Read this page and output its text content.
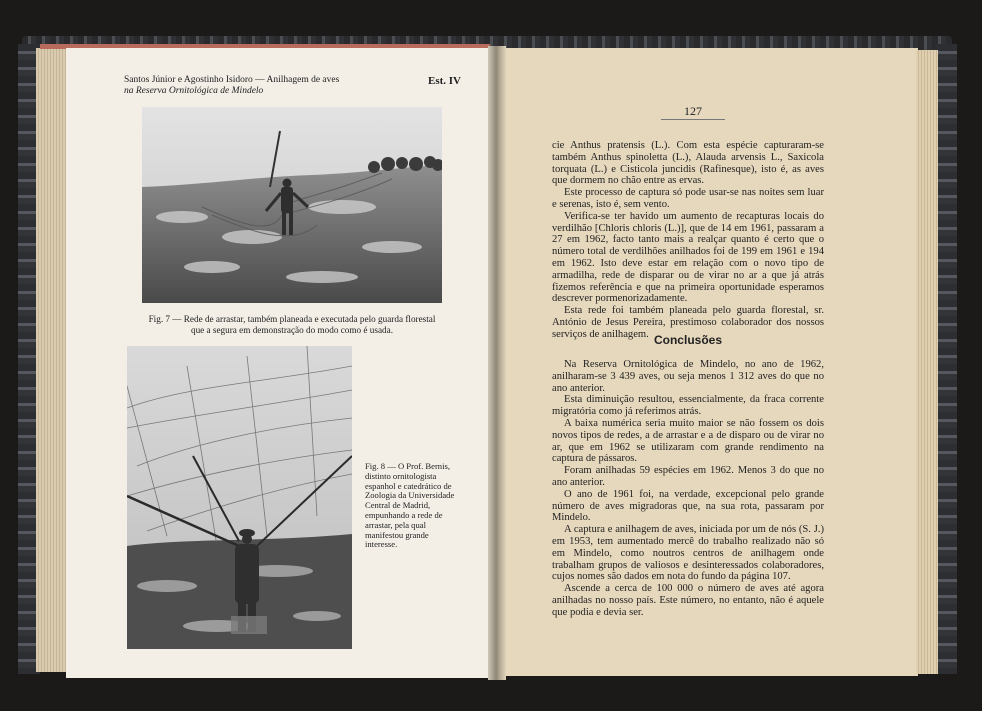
Santos Júnior e Agostinho Isidoro — Anilhagem de aves
na Reserva Ornitológica de Mindelo
Est. IV
Fig. 7 — Rede de arrastar, também planeada e executada pelo guarda florestal
que a segura em demonstração do modo como é usada.
Fig. 8 — O Prof. Bernis, distinto ornitologista espanhol e catedrático de Zoologia da Universidade Central de Madrid, empunhando a rede de arrastar, pela qual manifestou grande interesse.
127

cie Anthus pratensis (L.). Com esta espécie capturaram-se também Anthus spinoletta (L.), Alauda arvensis L., Saxicola torquata (L.) e Cisticola juncidis (Rafinesque), isto é, as aves que dormem no chão entre as ervas.

Este processo de captura só pode usar-se nas noites sem luar e serenas, isto é, sem vento.

Verifica-se ter havido um aumento de recapturas locais do verdilhão [Chloris chloris (L.)], que de 14 em 1961, passaram a 27 em 1962, facto tanto mais a realçar quanto é certo que o número total de verdilhões anilhados foi de 199 em 1961 e 194 em 1962. Isto deve estar em relação com o novo tipo de armadilha, rede de disparar ou de virar no ar a que já atrás fizemos referência e que na primeira oportunidade esperamos descrever pormenorizadamente.

Esta rede foi também planeada pelo guarda florestal, sr. António de Jesus Pereira, prestimoso colaborador dos nossos serviços de anilhagem. Conclusões

Na Reserva Ornitológica de Mindelo, no ano de 1962, anilharam-se 3 439 aves, ou seja menos 1 312 aves do que no ano anterior.

Esta diminuição resultou, essencialmente, da fraca corrente migratória como já referimos atrás.

A baixa numérica seria muito maior se não fossem os dois novos tipos de redes, a de arrastar e a de disparo ou de virar no ar, que em 1962 se utilizaram com grande rendimento na captura de pássaros.

Foram anilhadas 59 espécies em 1962. Menos 3 do que no ano anterior.

O ano de 1961 foi, na verdade, excepcional pelo grande número de aves migradoras que, na sua rota, passaram por Mindelo.

A captura e anilhagem de aves, iniciada por um de nós (S. J.) em 1953, tem aumentado mercê do trabalho realizado não só em Mindelo, como noutros centros de anilhagem onde trabalham grupos de valiosos e desinteressados colaboradores, cujos nomes são dados em nota do fundo da página 107.

Ascende a cerca de 100 000 o número de aves até agora anilhadas no nosso país. Este número, no entanto, não é aquele que podia e devia ser.
